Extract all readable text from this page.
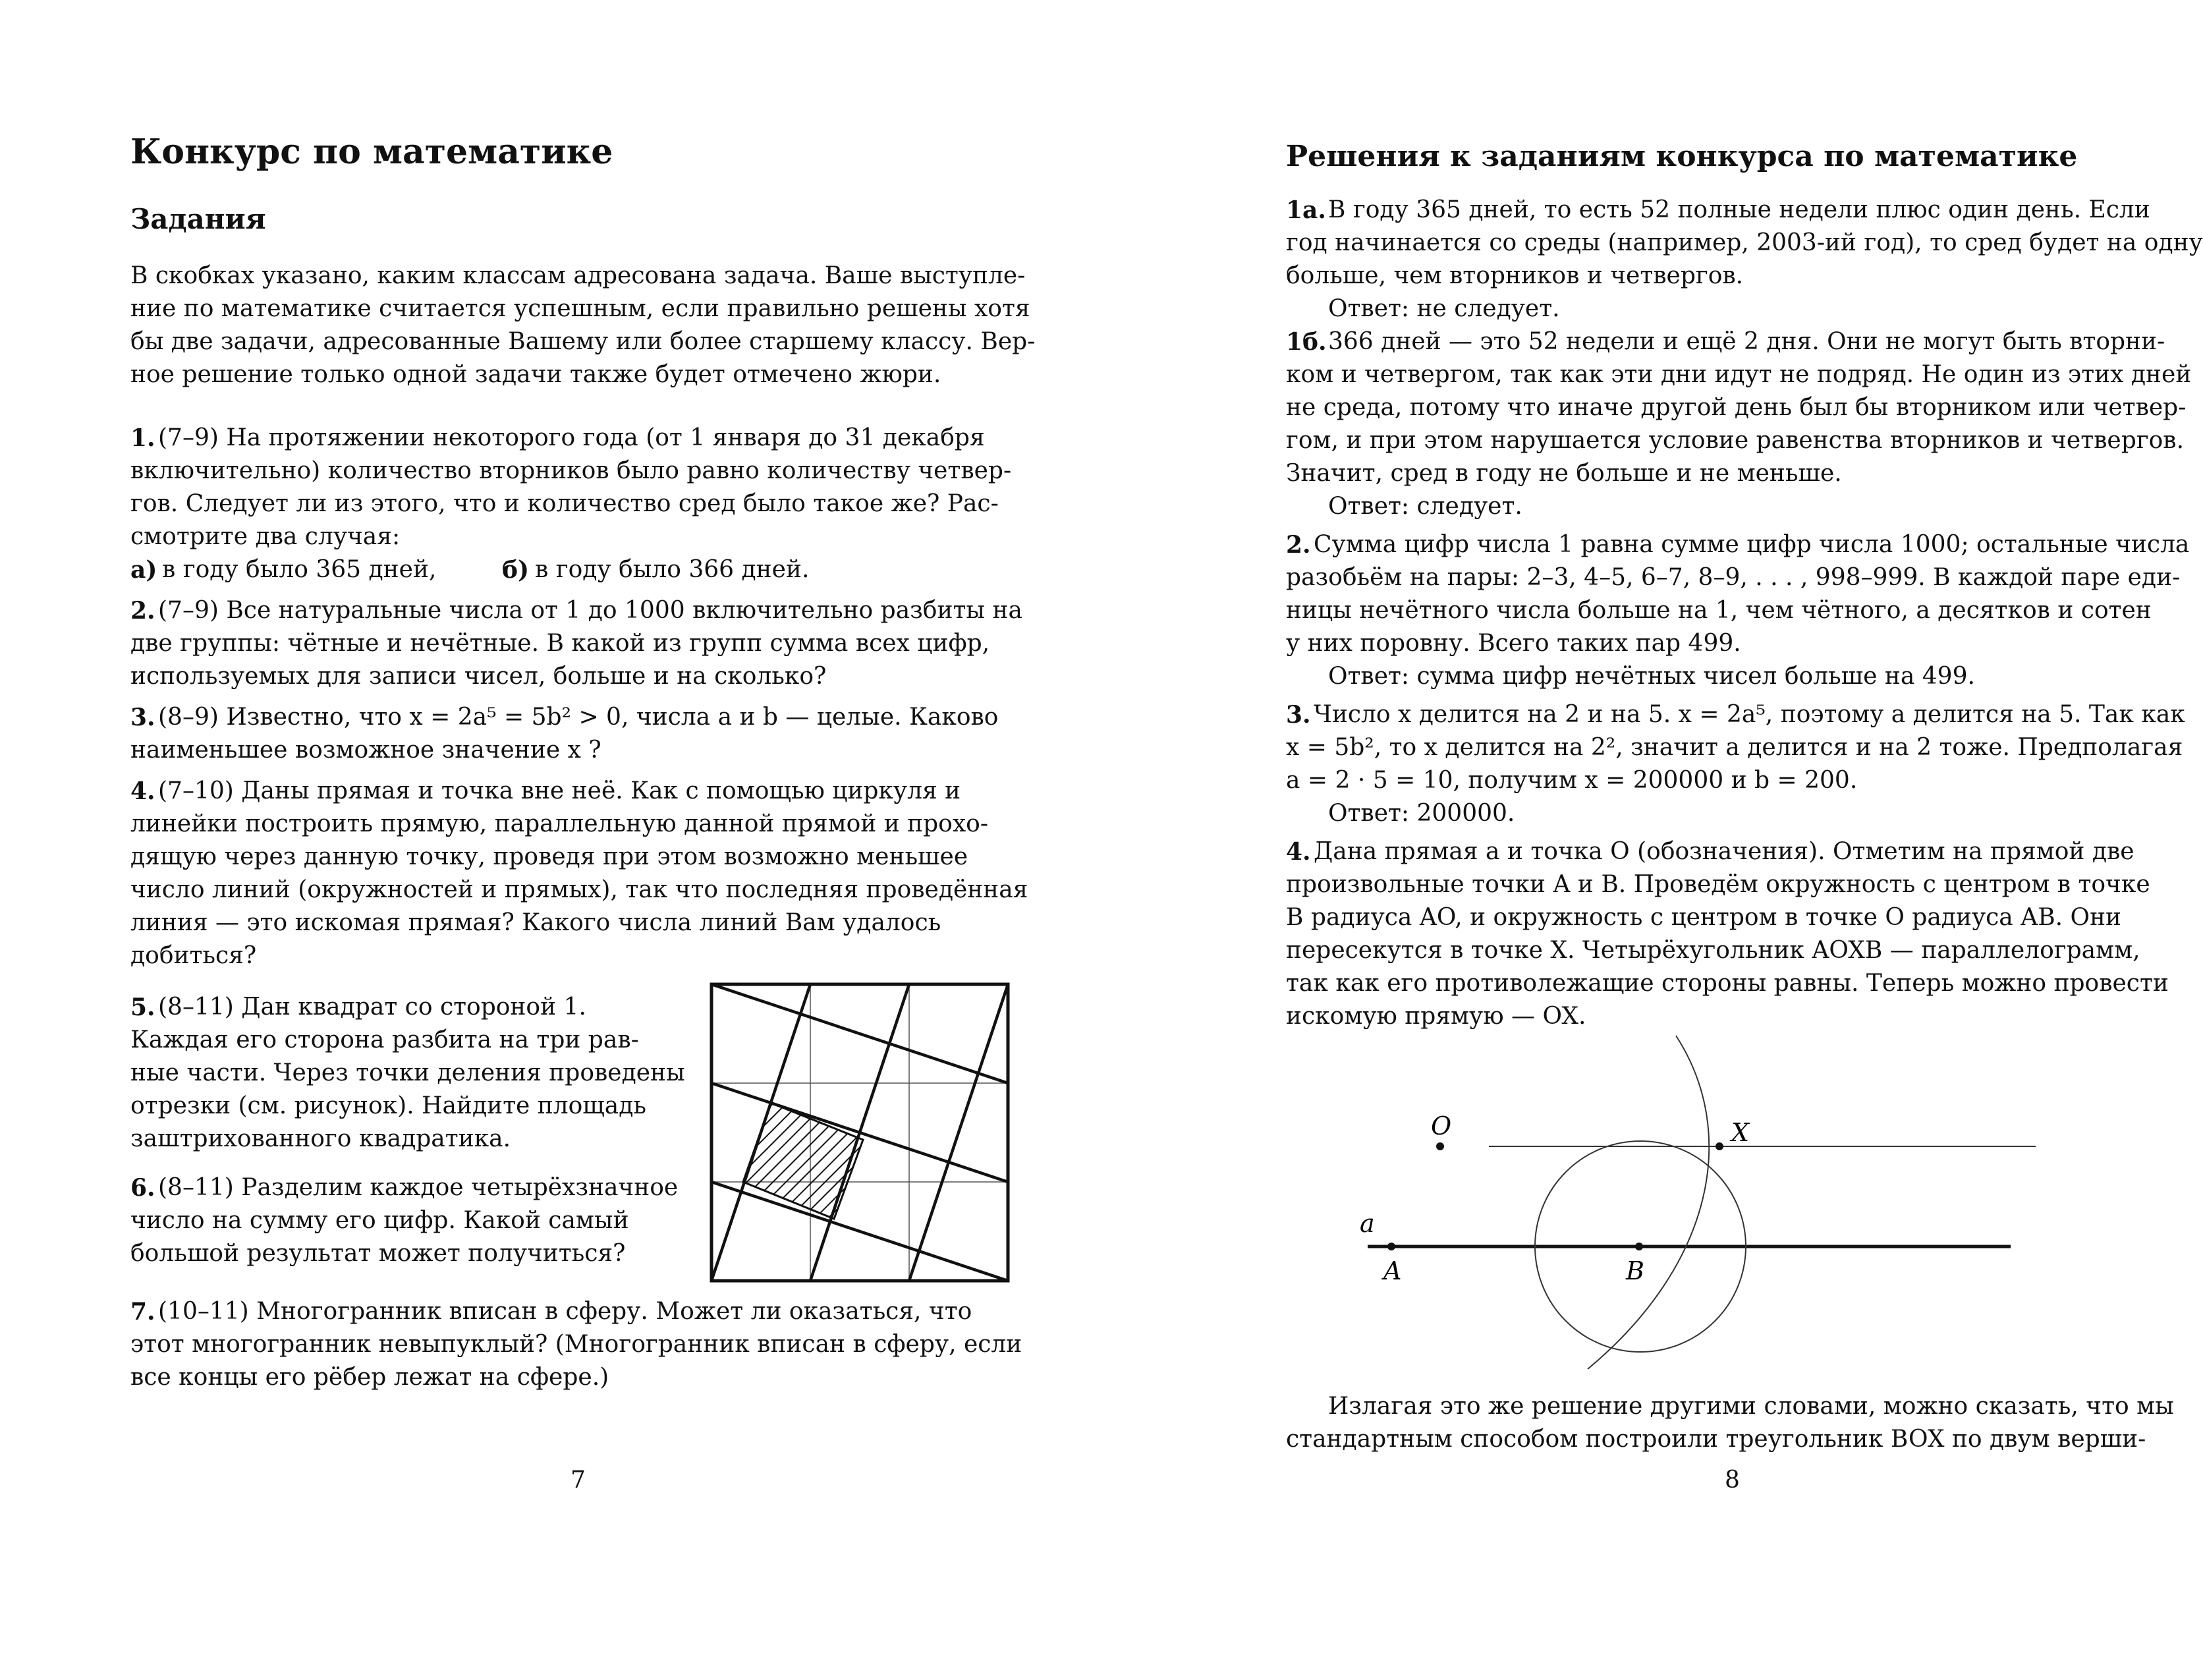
Конкурс по математике
Задания
В скобках указано, каким классам адресована задача. Ваше выступле-
ние по математике считается успешным, если правильно решены хотя
бы две задачи, адресованные Вашему или более старшему классу. Вер-
ное решение только одной задачи также будет отмечено жюри.
1. (7–9) На протяжении некоторого года (от 1 января до 31 декабря
включительно) количество вторников было равно количеству четвер-
гов. Следует ли из этого, что и количество сред было такое же? Рас-
смотрите два случая:
а) в году было 365 дней,	б) в году было 366 дней.
2. (7–9) Все натуральные числа от 1 до 1000 включительно разбиты на
две группы: чётные и нечётные. В какой из групп сумма всех цифр,
используемых для записи чисел, больше и на сколько?
3. (8–9) Известно, что x = 2a⁵ = 5b² > 0, числа a и b — целые. Каково
наименьшее возможное значение x ?
4. (7–10) Даны прямая и точка вне неё. Как с помощью циркуля и
линейки построить прямую, параллельную данной прямой и прохо-
дящую через данную точку, проведя при этом возможно меньшее
число линий (окружностей и прямых), так что последняя проведённая
линия — это искомая прямая? Какого числа линий Вам удалось
добиться?
5. (8–11) Дан квадрат со стороной 1.
Каждая его сторона разбита на три рав-
ные части. Через точки деления проведены
отрезки (см. рисунок). Найдите площадь
заштрихованного квадратика.
6. (8–11) Разделим каждое четырёхзначное
число на сумму его цифр. Какой самый
большой результат может получиться?
7. (10–11) Многогранник вписан в сферу. Может ли оказаться, что
этот многогранник невыпуклый? (Многогранник вписан в сферу, если
все концы его рёбер лежат на сфере.)
7
Решения к заданиям конкурса по математике
1а. В году 365 дней, то есть 52 полные недели плюс один день. Если
год начинается со среды (например, 2003-ий год), то сред будет на одну
больше, чем вторников и четвергов.
Ответ: не следует.
1б. 366 дней — это 52 недели и ещё 2 дня. Они не могут быть вторни-
ком и четвергом, так как эти дни идут не подряд. Не один из этих дней
не среда, потому что иначе другой день был бы вторником или четвер-
гом, и при этом нарушается условие равенства вторников и четвергов.
Значит, сред в году не больше и не меньше.
Ответ: следует.
2. Сумма цифр числа 1 равна сумме цифр числа 1000; остальные числа
разобьём на пары: 2–3, 4–5, 6–7, 8–9, . . . , 998–999. В каждой паре еди-
ницы нечётного числа больше на 1, чем чётного, а десятков и сотен
у них поровну. Всего таких пар 499.
Ответ: сумма цифр нечётных чисел больше на 499.
3. Число x делится на 2 и на 5. x = 2a⁵, поэтому a делится на 5. Так как
x = 5b², то x делится на 2², значит a делится и на 2 тоже. Предполагая
a = 2 · 5 = 10, получим x = 200000 и b = 200.
Ответ: 200000.
4. Дана прямая a и точка O (обозначения). Отметим на прямой две
произвольные точки A и B. Проведём окружность с центром в точке
B радиуса AO, и окружность с центром в точке O радиуса AB. Они
пересекутся в точке X. Четырёхугольник AOXB — параллелограмм,
так как его противолежащие стороны равны. Теперь можно провести
искомую прямую — OX.
O	X
a
A	B
Излагая это же решение другими словами, можно сказать, что мы
стандартным способом построили треугольник BOX по двум верши-
8
